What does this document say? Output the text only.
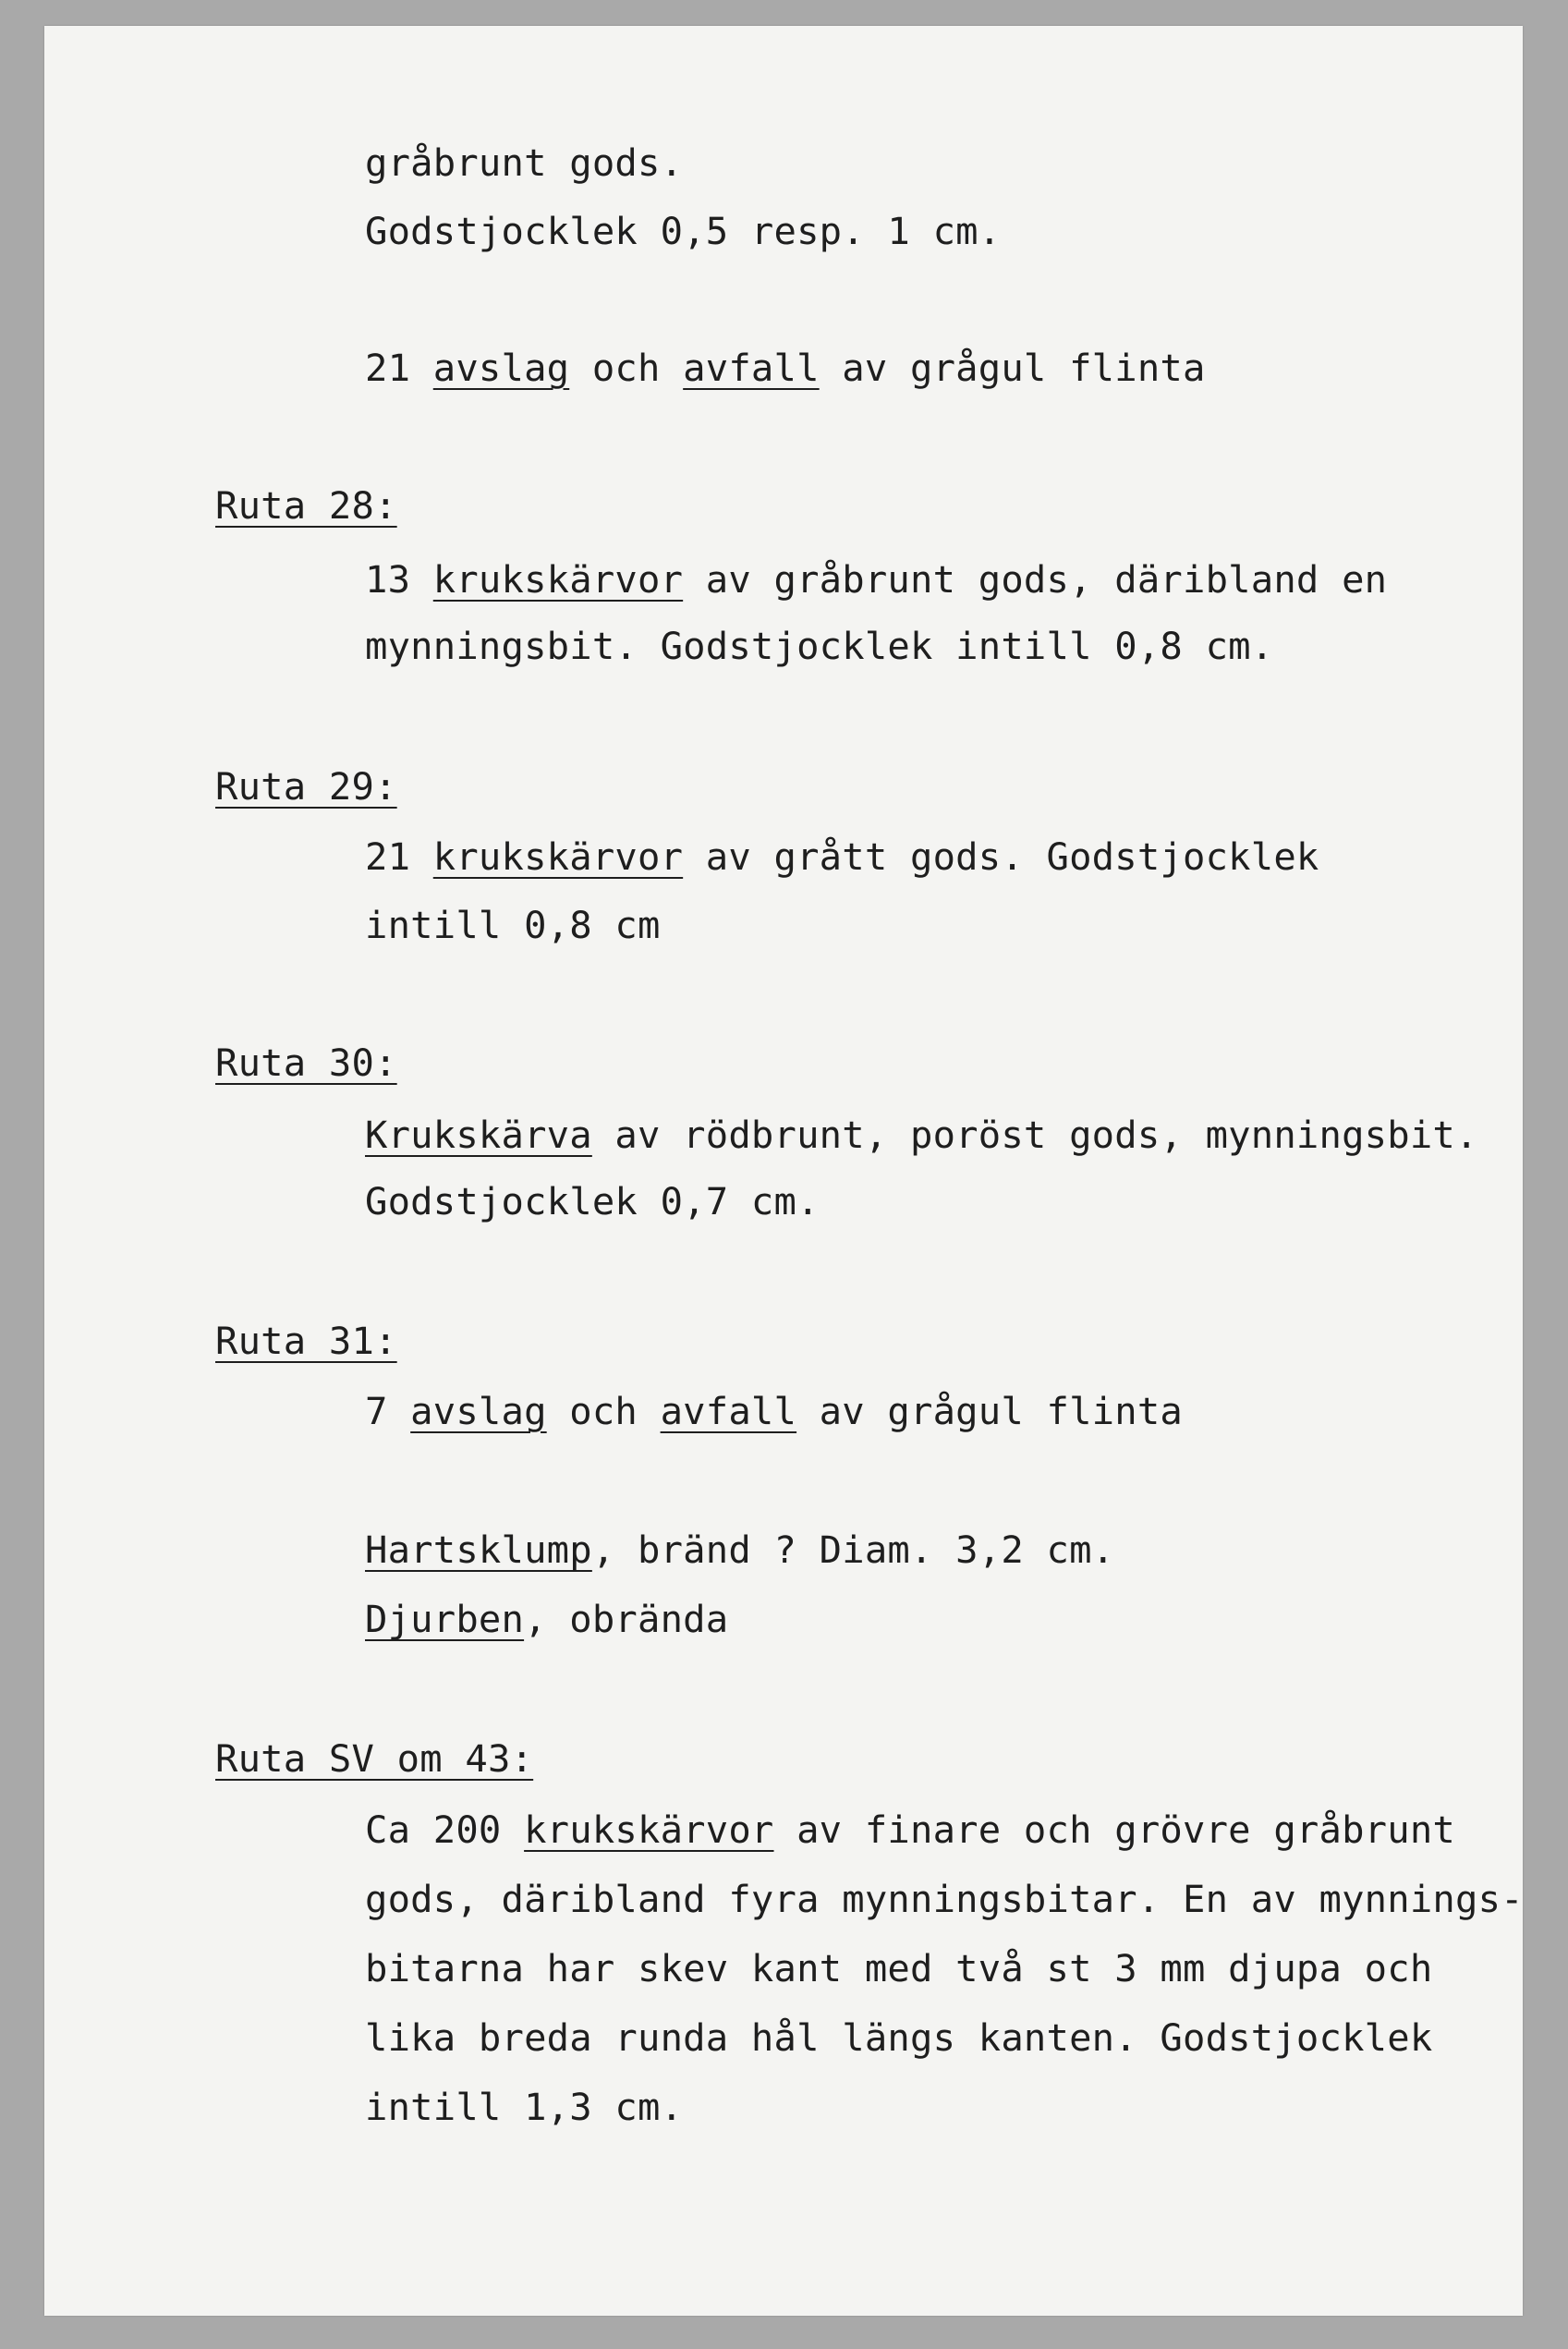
gråbrunt gods.
Godstjocklek 0,5 resp. 1 cm.
21 avslag och avfall av grågul flinta
Ruta 28:
13 krukskärvor av gråbrunt gods, däribland en
mynningsbit. Godstjocklek intill 0,8 cm.
Ruta 29:
21 krukskärvor av grått gods. Godstjocklek
intill 0,8 cm
Ruta 30:
Krukskärva av rödbrunt, poröst gods, mynningsbit.
Godstjocklek 0,7 cm.
Ruta 31:
7 avslag och avfall av grågul flinta
Hartsklump, bränd ? Diam. 3,2 cm.
Djurben, obrända
Ruta SV om 43:
Ca 200 krukskärvor av finare och grövre gråbrunt
gods, däribland fyra mynningsbitar. En av mynnings-
bitarna har skev kant med två st 3 mm djupa och
lika breda runda hål längs kanten. Godstjocklek
intill 1,3 cm.
